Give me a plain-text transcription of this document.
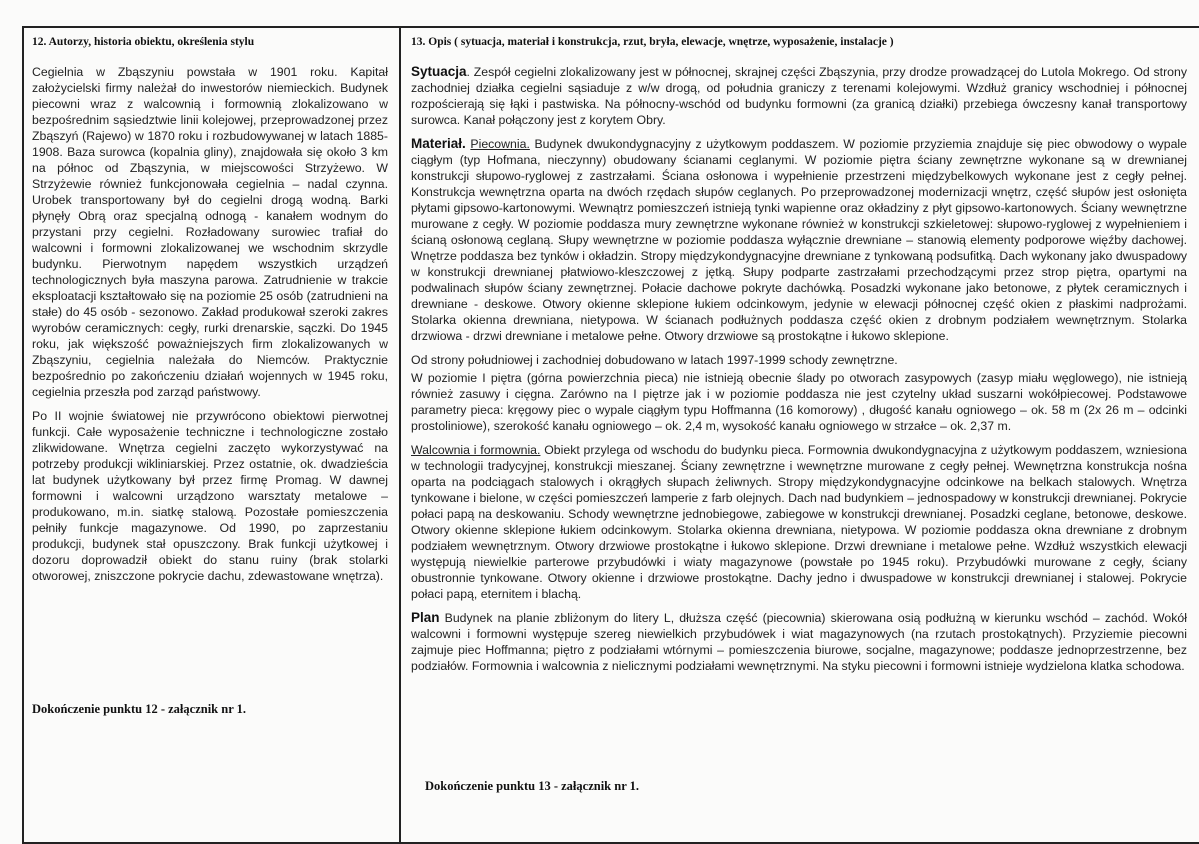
12. Autorzy, historia obiektu, określenia stylu

Cegielnia w Zbąszyniu powstała w 1901 roku. Kapitał założycielski firmy należał do inwestorów niemieckich. Budynek piecowni wraz z walcownią i formownią zlokalizowano w bezpośrednim sąsiedztwie linii kolejowej, przeprowadzonej przez Zbąszyń (Rajewo) w 1870 roku i rozbudowywanej w latach 1885-1908. Baza surowca (kopalnia gliny), znajdowała się około 3 km na północ od Zbąszynia, w miejscowości Strzyżewo. W Strzyżewie również funkcjonowała cegielnia – nadal czynna. Urobek transportowany był do cegielni drogą wodną. Barki płynęły Obrą oraz specjalną odnogą - kanałem wodnym do przystani przy cegielni. Rozładowany surowiec trafiał do walcowni i formowni zlokalizowanej we wschodnim skrzydle budynku. Pierwotnym napędem wszystkich urządzeń technologicznych była maszyna parowa. Zatrudnienie w trakcie eksploatacji kształtowało się na poziomie 25 osób (zatrudnieni na stałe) do 45 osób - sezonowo. Zakład produkował szeroki zakres wyrobów ceramicznych: cegły, rurki drenarskie, sączki. Do 1945 roku, jak większość poważniejszych firm zlokalizowanych w Zbąszyniu, cegielnia należała do Niemców. Praktycznie bezpośrednio po zakończeniu działań wojennych w 1945 roku, cegielnia przeszła pod zarząd państwowy.

Po II wojnie światowej nie przywrócono obiektowi pierwotnej funkcji. Całe wyposażenie techniczne i technologiczne zostało zlikwidowane. Wnętrza cegielni zaczęto wykorzystywać na potrzeby produkcji wikliniarskiej. Przez ostatnie, ok. dwadzieścia lat budynek użytkowany był przez firmę Promag. W dawnej formowni i walcowni urządzono warsztaty metalowe – produkowano, m.in. siatkę stalową. Pozostałe pomieszczenia pełniły funkcje magazynowe. Od 1990, po zaprzestaniu produkcji, budynek stał opuszczony. Brak funkcji użytkowej i dozoru doprowadził obiekt do stanu ruiny (brak stolarki otworowej, zniszczone pokrycie dachu, zdewastowane wnętrza).

Dokończenie punktu 12 - załącznik nr 1.
13. Opis ( sytuacja, materiał i konstrukcja, rzut, bryła, elewacje, wnętrze, wyposażenie, instalacje )

Sytuacja. Zespół cegielni zlokalizowany jest w północnej, skrajnej części Zbąszynia, przy drodze prowadzącej do Lutola Mokrego. Od strony zachodniej działka cegielni sąsiaduje z w/w drogą, od południa graniczy z terenami kolejowymi. Wzdłuż granicy wschodniej i północnej rozpościerają się łąki i pastwiska. Na północny-wschód od budynku formowni (za granicą działki) przebiega ówczesny kanał transportowy surowca. Kanał połączony jest z korytem Obry.

Materiał. Piecownia. Budynek dwukondygnacyjny z użytkowym poddaszem. W poziomie przyziemia znajduje się piec obwodowy o wypale ciągłym (typ Hofmana, nieczynny) obudowany ścianami ceglanymi. W poziomie piętra ściany zewnętrzne wykonane są w drewnianej konstrukcji słupowo-ryglowej z zastrzałami. Ściana osłonowa i wypełnienie przestrzeni międzybelkowych wykonane jest z cegły pełnej. Konstrukcja wewnętrzna oparta na dwóch rzędach słupów ceglanych. Po przeprowadzonej modernizacji wnętrz, część słupów jest osłonięta płytami gipsowo-kartonowymi. Wewnątrz pomieszczeń istnieją tynki wapienne oraz okładziny z płyt gipsowo-kartonowych. Ściany wewnętrzne murowane z cegły. W poziomie poddasza mury zewnętrzne wykonane również w konstrukcji szkieletowej: słupowo-ryglowej z wypełnieniem i ścianą osłonową ceglaną. Słupy wewnętrzne w poziomie poddasza wyłącznie drewniane – stanowią elementy podporowe więźby dachowej. Wnętrze poddasza bez tynków i okładzin. Stropy międzykondygnacyjne drewniane z tynkowaną podsufitką. Dach wykonany jako dwuspadowy w konstrukcji drewnianej płatwiowo-kleszczowej z jętką. Słupy podparte zastrzałami przechodzącymi przez strop piętra, opartymi na podwalinach słupów ściany zewnętrznej. Połacie dachowe pokryte dachówką. Posadzki wykonane jako betonowe, z płytek ceramicznych i drewniane - deskowe. Otwory okienne sklepione łukiem odcinkowym, jedynie w elewacji północnej część okien z płaskimi nadprożami. Stolarka okienna drewniana, nietypowa. W ścianach podłużnych poddasza część okien z drobnym podziałem wewnętrznym. Stolarka drzwiowa - drzwi drewniane i metalowe pełne. Otwory drzwiowe są prostokątne i łukowo sklepione.

Od strony południowej i zachodniej dobudowano w latach 1997-1999 schody zewnętrzne.

W poziomie I piętra (górna powierzchnia pieca) nie istnieją obecnie ślady po otworach zasypowych (zasyp miału węglowego), nie istnieją również zasuwy i cięgna. Zarówno na I piętrze jak i w poziomie poddasza nie jest czytelny układ suszarni wokółpiecowej. Podstawowe parametry pieca: kręgowy piec o wypale ciągłym typu Hoffmanna (16 komorowy) , długość kanału ogniowego – ok. 58 m (2x 26 m – odcinki prostoliniowe), szerokość kanału ogniowego – ok. 2,4 m, wysokość kanału ogniowego w strzałce – ok. 2,37 m.

Walcownia i formownia. Obiekt przylega od wschodu do budynku pieca. Formownia dwukondygnacyjna z użytkowym poddaszem, wzniesiona w technologii tradycyjnej, konstrukcji mieszanej. Ściany zewnętrzne i wewnętrzne murowane z cegły pełnej. Wewnętrzna konstrukcja nośna oparta na podciągach stalowych i okrągłych słupach żeliwnych. Stropy międzykondygnacyjne odcinkowe na belkach stalowych. Wnętrza tynkowane i bielone, w części pomieszczeń lamperie z farb olejnych. Dach nad budynkiem – jednospadowy w konstrukcji drewnianej. Pokrycie połaci papą na deskowaniu. Schody wewnętrzne jednobiegowe, zabiegowe w konstrukcji drewnianej. Posadzki ceglane, betonowe, deskowe. Otwory okienne sklepione łukiem odcinkowym. Stolarka okienna drewniana, nietypowa. W poziomie poddasza okna drewniane z drobnym podziałem wewnętrznym. Otwory drzwiowe prostokątne i łukowo sklepione. Drzwi drewniane i metalowe pełne. Wzdłuż wszystkich elewacji występują niewielkie parterowe przybudówki i wiaty magazynowe (powstałe po 1945 roku). Przybudówki murowane z cegły, ściany obustronnie tynkowane. Otwory okienne i drzwiowe prostokątne. Dachy jedno i dwuspadowe w konstrukcji drewnianej i stalowej. Pokrycie połaci papą, eternitem i blachą.

Plan Budynek na planie zbliżonym do litery L, dłuższa część (piecownia) skierowana osią podłużną w kierunku wschód – zachód. Wokół walcowni i formowni występuje szereg niewielkich przybudówek i wiat magazynowych (na rzutach prostokątnych). Przyziemie piecowni zajmuje piec Hoffmanna; piętro z podziałami wtórnymi – pomieszczenia biurowe, socjalne, magazynowe; poddasze jednoprzestrzenne, bez podziałów. Formownia i walcownia z nielicznymi podziałami wewnętrznymi. Na styku piecowni i formowni istnieje wydzielona klatka schodowa.

Dokończenie punktu 13 - załącznik nr 1.
